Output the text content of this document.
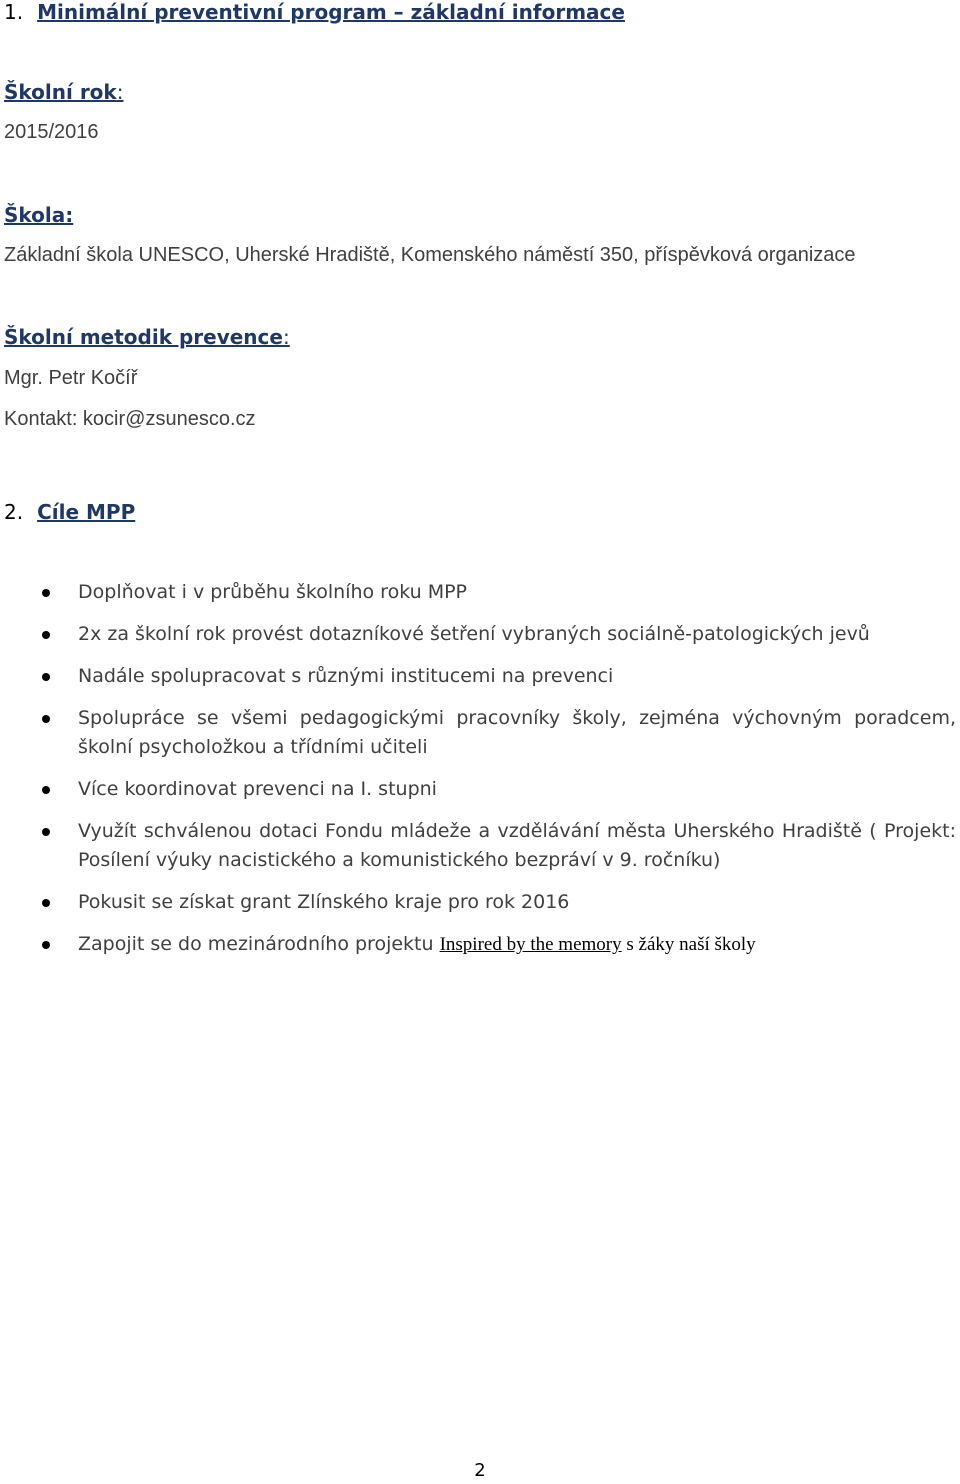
1. Minimální preventivní program – základní informace
Školní rok:
2015/2016
Škola:
Základní škola UNESCO, Uherské Hradiště, Komenského náměstí 350, příspěvková organizace
Školní metodik prevence:
Mgr. Petr Kočíř
Kontakt: kocir@zsunesco.cz
2. Cíle MPP
Doplňovat i v průběhu školního roku MPP
2x za školní rok provést dotazníkové šetření vybraných sociálně-patologických jevů
Nadále spolupracovat s různými institucemi na prevenci
Spolupráce se všemi pedagogickými pracovníky školy, zejména výchovným poradcem, školní psycholožkou a třídními učiteli
Více koordinovat prevenci na I. stupni
Využít schválenou dotaci Fondu mládeže a vzdělávání města Uherského Hradiště ( Projekt: Posílení výuky nacistického a komunistického bezpráví v 9. ročníku)
Pokusit se získat grant Zlínského kraje pro rok 2016
Zapojit se do mezinárodního projektu Inspired by the memory s žáky naší školy
2
